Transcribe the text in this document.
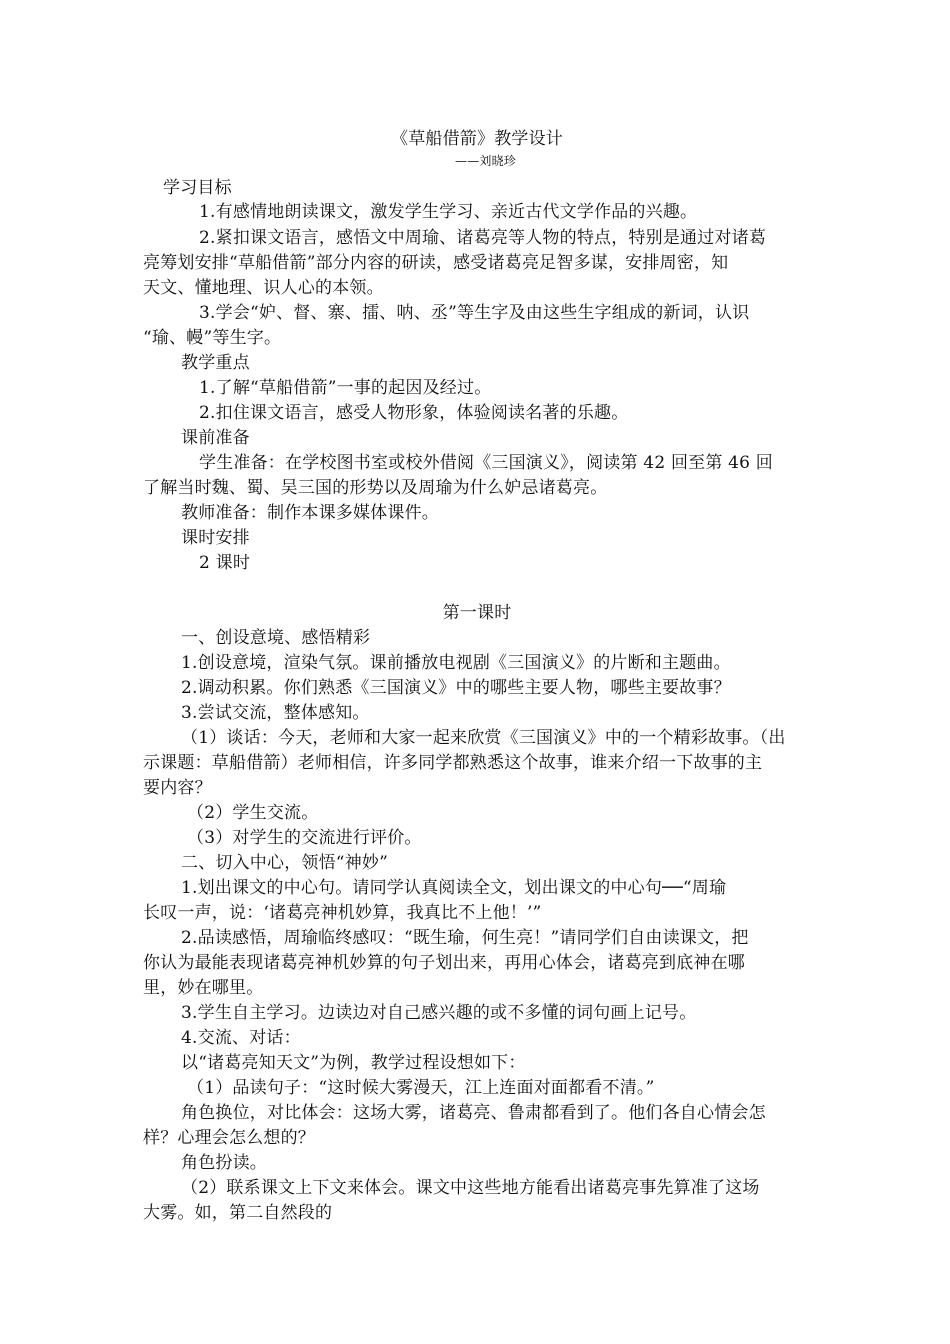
《草船借箭》教学设计
——刘晓珍
学习目标
1.有感情地朗读课文，激发学生学习、亲近古代文学作品的兴趣。
2.紧扣课文语言，感悟文中周瑜、诸葛亮等人物的特点，特别是通过对诸葛
亮筹划安排“草船借箭”部分内容的研读，感受诸葛亮足智多谋，安排周密，知
天文、懂地理、识人心的本领。
3.学会“妒、督、寨、擂、呐、丞”等生字及由这些生字组成的新词，认识
“瑜、幔”等生字。
教学重点
1.了解“草船借箭”一事的起因及经过。
2.扣住课文语言，感受人物形象，体验阅读名著的乐趣。
课前准备
学生准备：在学校图书室或校外借阅《三国演义》，阅读第 42 回至第 46 回
了解当时魏、蜀、吴三国的形势以及周瑜为什么妒忌诸葛亮。
教师准备：制作本课多媒体课件。
课时安排
2 课时
第一课时
一、创设意境、感悟精彩
1.创设意境，渲染气氛。课前播放电视剧《三国演义》的片断和主题曲。
2.调动积累。你们熟悉《三国演义》中的哪些主要人物，哪些主要故事？
3.尝试交流，整体感知。
（1）谈话：今天，老师和大家一起来欣赏《三国演义》中的一个精彩故事。（出
示课题：草船借箭）老师相信，许多同学都熟悉这个故事，谁来介绍一下故事的主
要内容？
（2）学生交流。
（3）对学生的交流进行评价。
二、切入中心，领悟“神妙”
1.划出课文的中心句。请同学认真阅读全文，划出课文的中心句──“周瑜
长叹一声，说：‘诸葛亮神机妙算，我真比不上他！’”
2.品读感悟，周瑜临终感叹：“既生瑜，何生亮！”请同学们自由读课文，把
你认为最能表现诸葛亮神机妙算的句子划出来，再用心体会，诸葛亮到底神在哪
里，妙在哪里。
3.学生自主学习。边读边对自己感兴趣的或不多懂的词句画上记号。
4.交流、对话：
以“诸葛亮知天文”为例，教学过程设想如下：
（1）品读句子：“这时候大雾漫天，江上连面对面都看不清。”
角色换位，对比体会：这场大雾，诸葛亮、鲁肃都看到了。他们各自心情会怎
样？心理会怎么想的？
角色扮读。
（2）联系课文上下文来体会。课文中这些地方能看出诸葛亮事先算准了这场
大雾。如，第二自然段的
